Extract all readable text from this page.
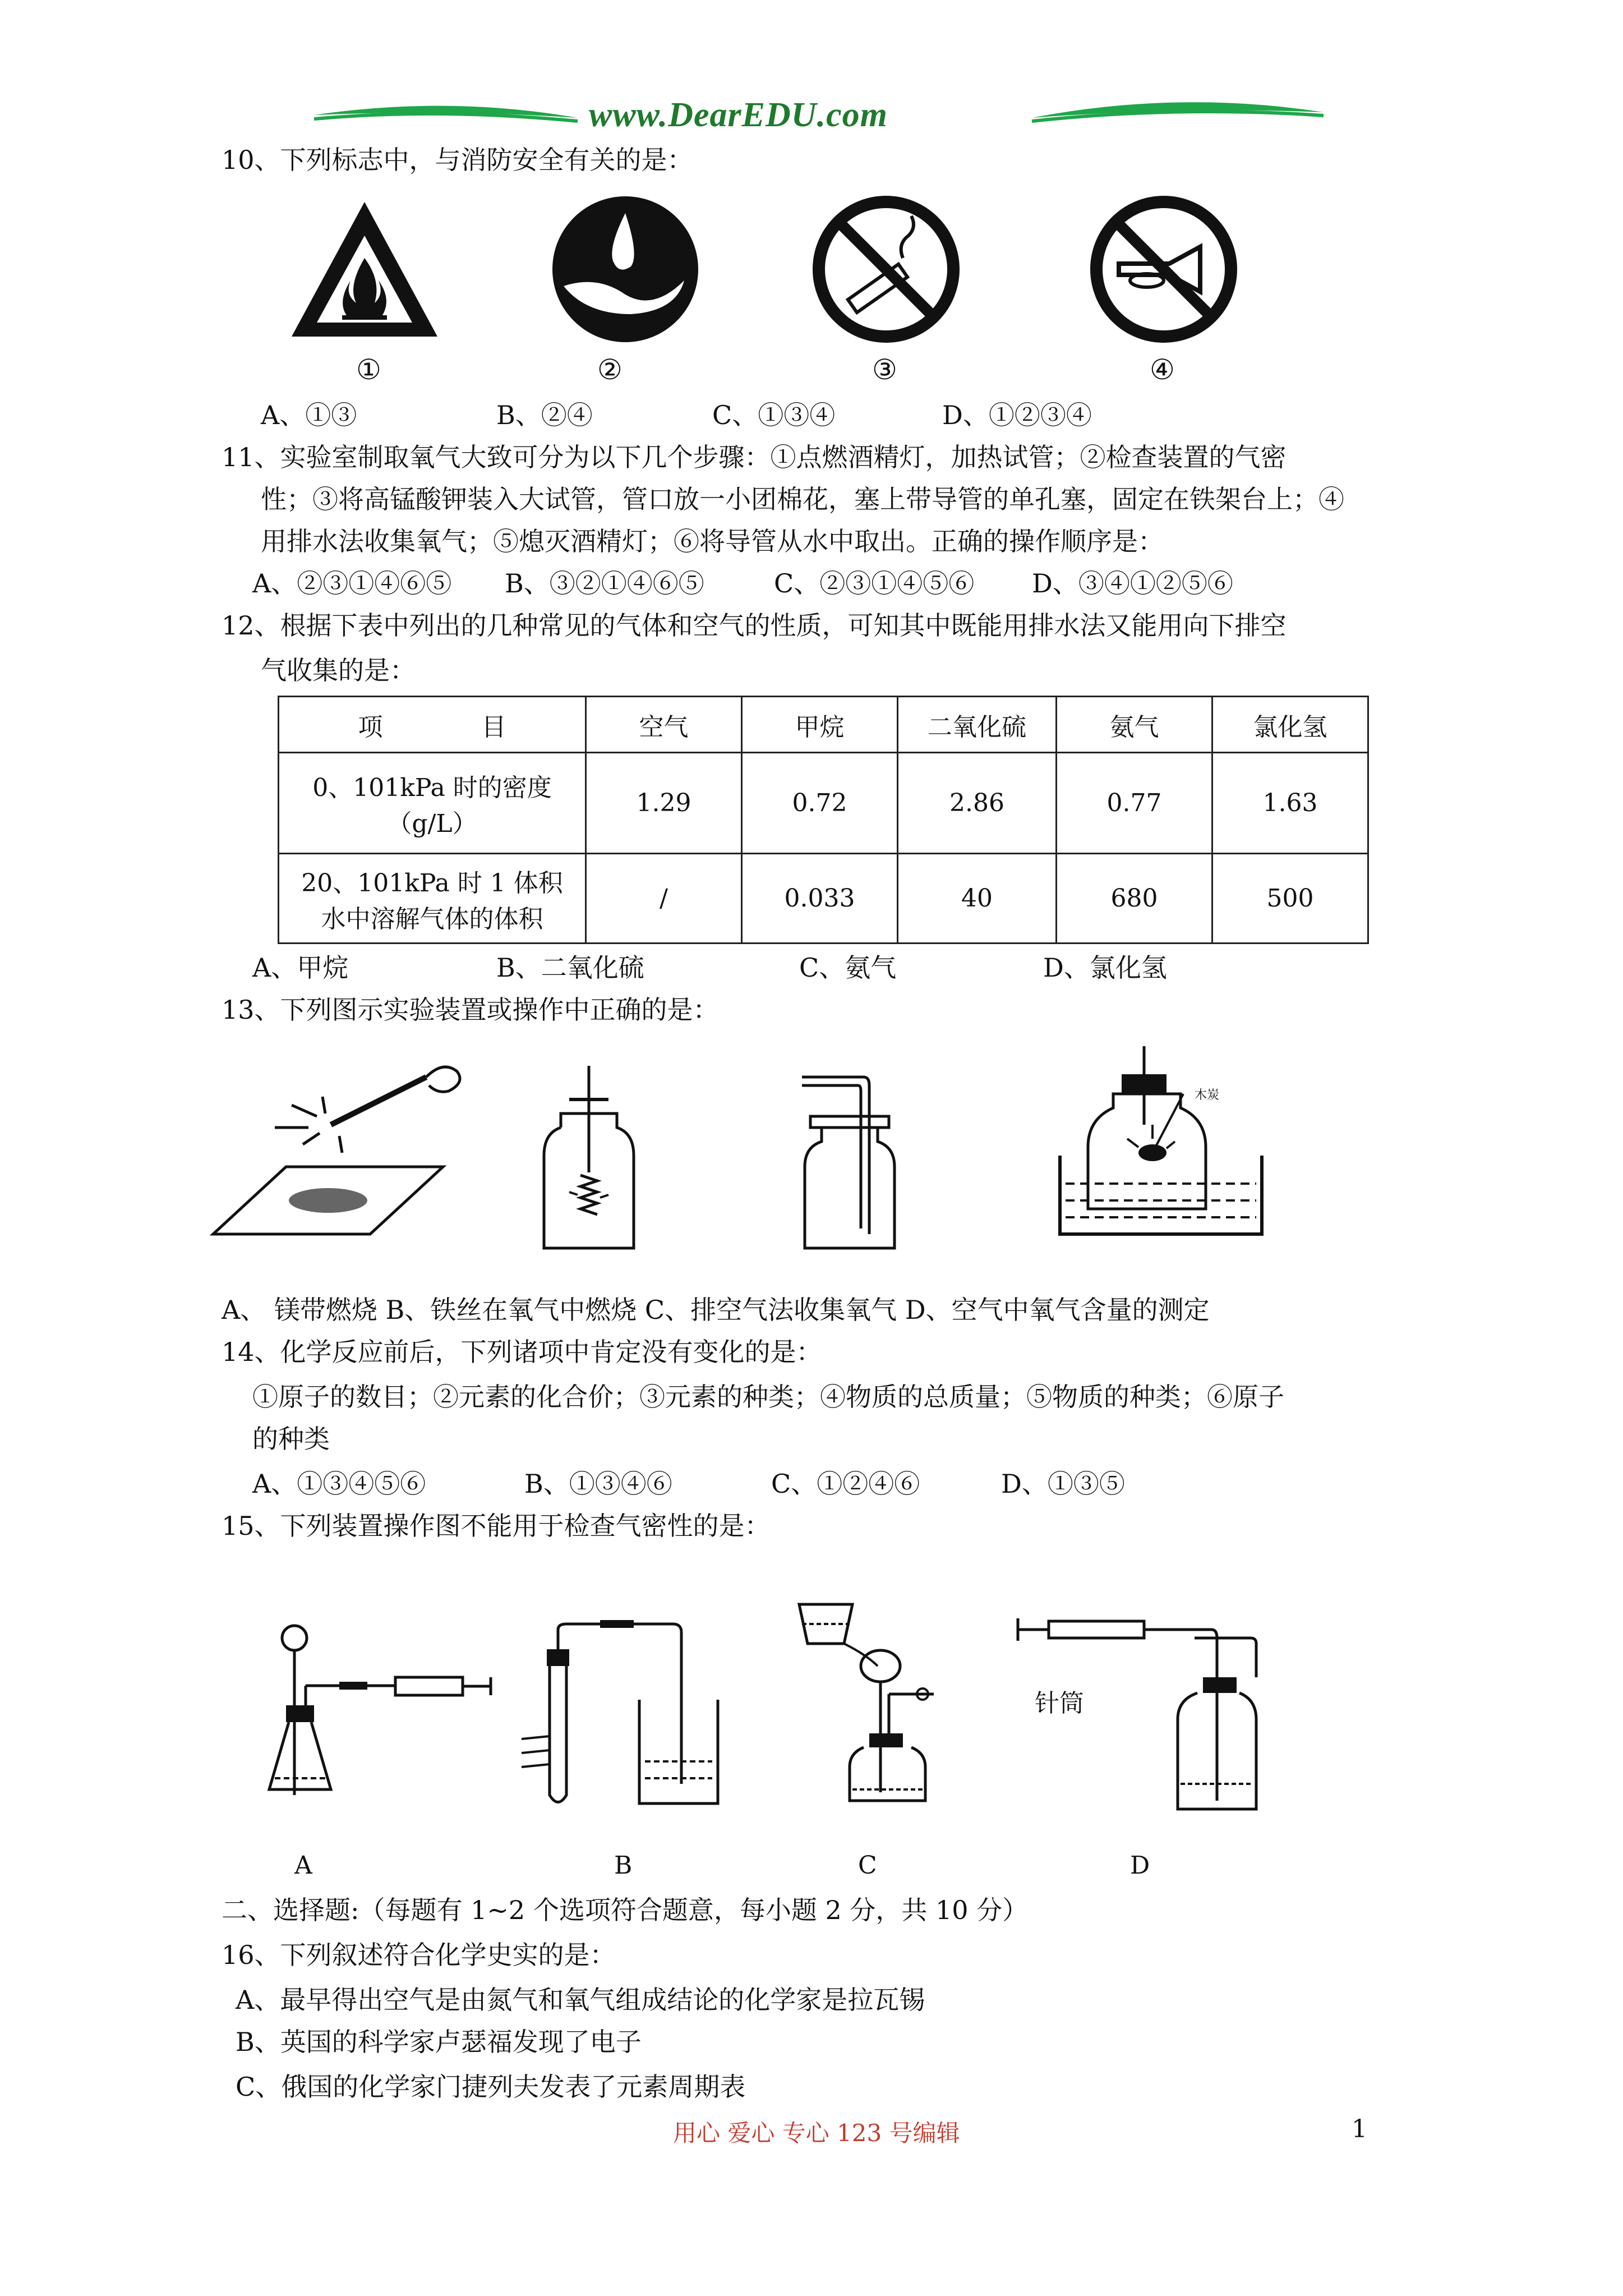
www.DearEDU.com
10、下列标志中，与消防安全有关的是：
①	②	③	④
A、①③	B、②④	C、①③④	D、①②③④
11、实验室制取氧气大致可分为以下几个步骤：①点燃酒精灯，加热试管；②检查装置的气密
性；③将高锰酸钾装入大试管，管口放一小团棉花，塞上带导管的单孔塞，固定在铁架台上；④
用排水法收集氧气；⑤熄灭酒精灯；⑥将导管从水中取出。正确的操作顺序是：
A、②③①④⑥⑤ B、③②①④⑥⑤	C、②③①④⑤⑥ D、③④①②⑤⑥
12、根据下表中列出的几种常见的气体和空气的性质，可知其中既能用排水法又能用向下排空
气收集的是：
项　　　　目	空气	甲烷	二氧化硫	氨气	氯化氢

0、101kPa 时的密度
（g/L）	1.29	0.72	2.86	0.77	1.63

20、101kPa 时 1 体积
水中溶解气体的体积	/	0.033	40	680	500
A、甲烷	B、二氧化硫	C、氨气	D、氯化氢
13、下列图示实验装置或操作中正确的是：
木炭
A、 镁带燃烧 B、铁丝在氧气中燃烧 C、排空气法收集氧气 D、空气中氧气含量的测定
14、化学反应前后，下列诸项中肯定没有变化的是：
①原子的数目；②元素的化合价；③元素的种类；④物质的总质量；⑤物质的种类；⑥原子
的种类
A、①③④⑤⑥	B、①③④⑥	C、①②④⑥	D、①③⑤
15、下列装置操作图不能用于检查气密性的是：
针筒
A	B	C	D
二、选择题:（每题有 1~2 个选项符合题意，每小题 2 分，共 10 分）
16、下列叙述符合化学史实的是：
A、最早得出空气是由氮气和氧气组成结论的化学家是拉瓦锡
B、英国的科学家卢瑟福发现了电子
C、俄国的化学家门捷列夫发表了元素周期表
用心 爱心 专心 123 号编辑	1
